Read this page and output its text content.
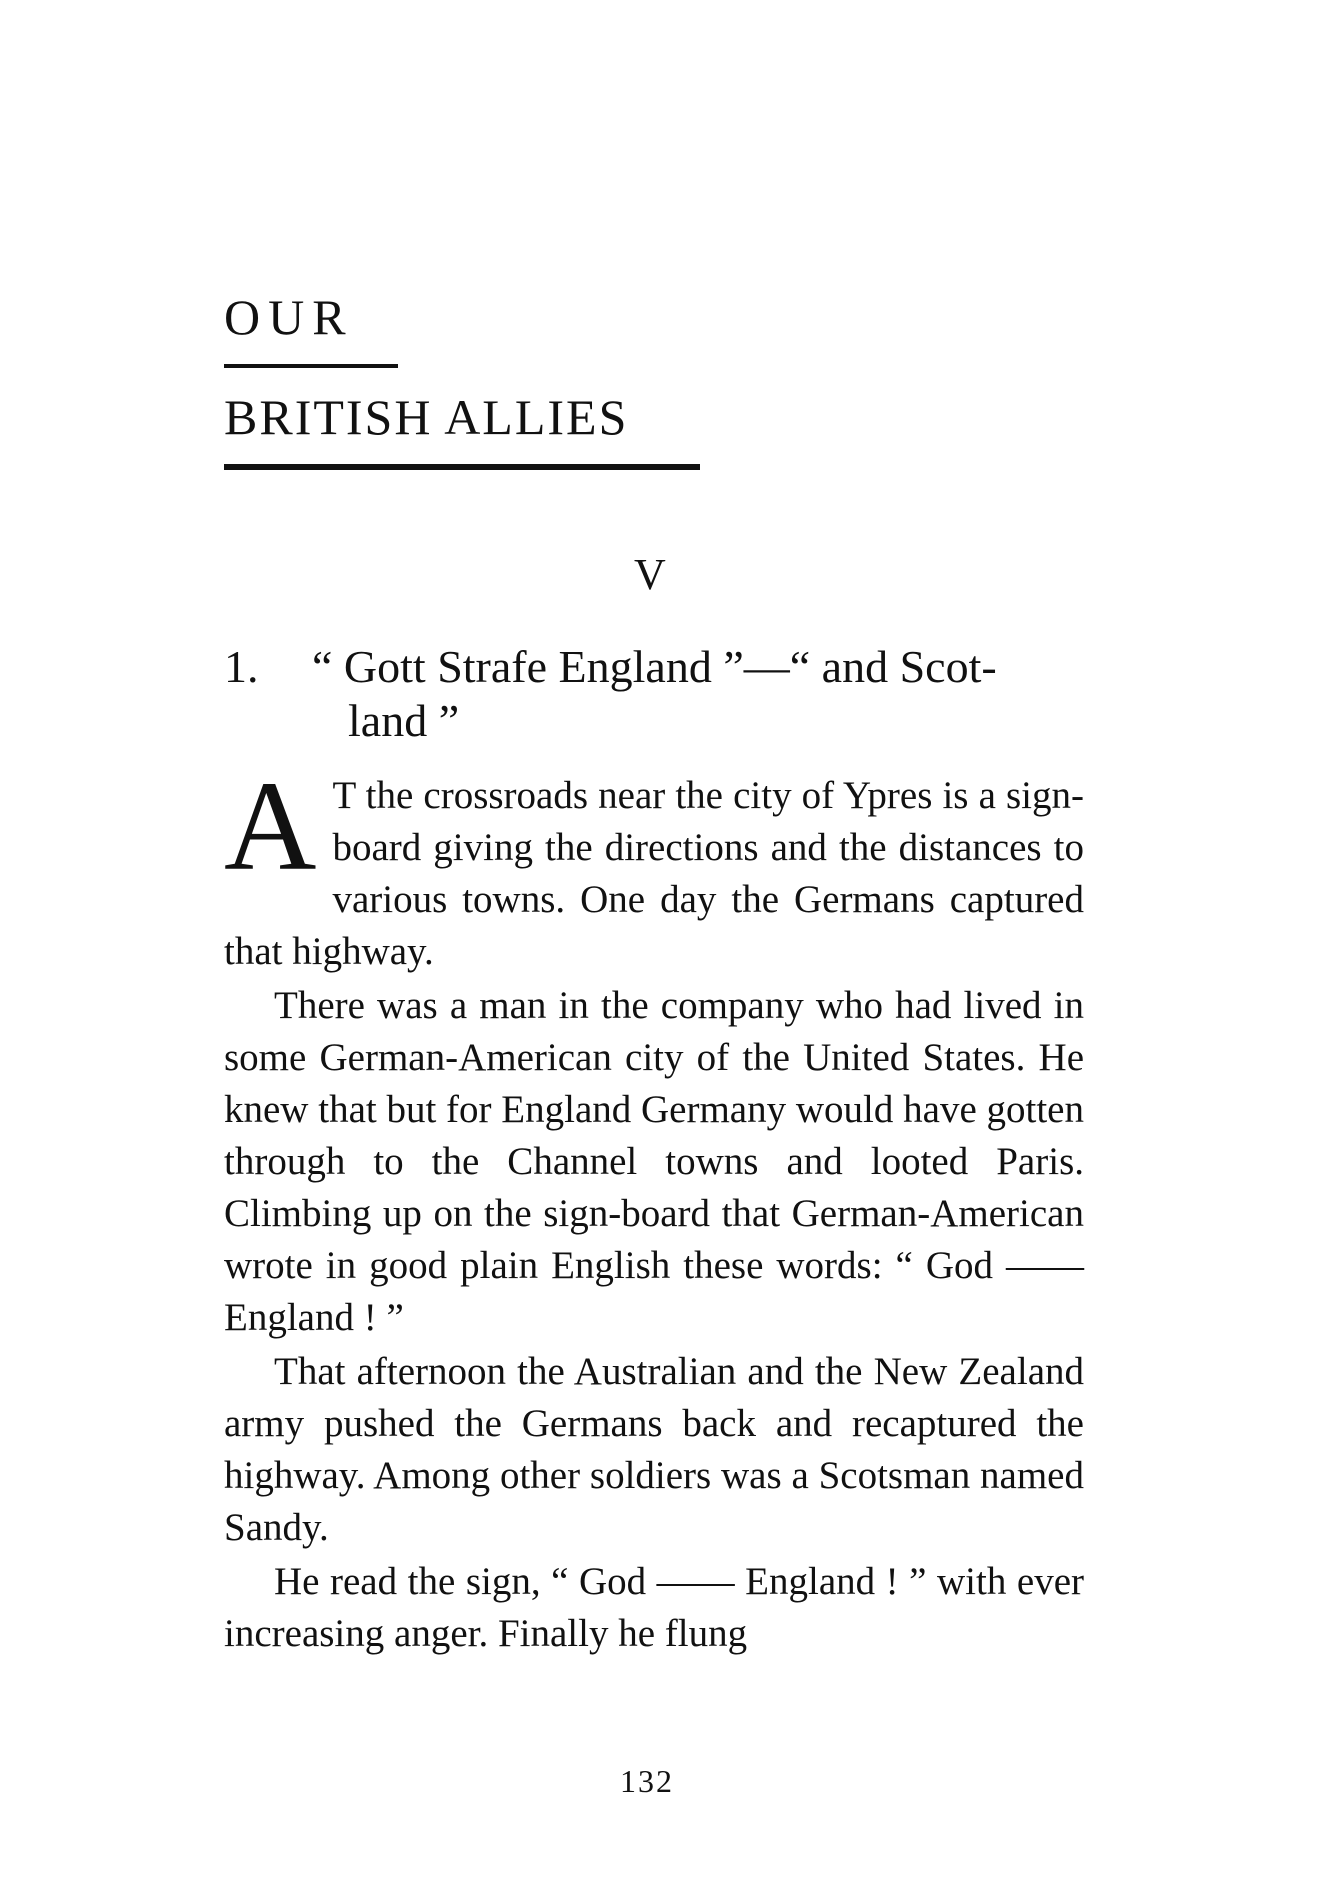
OUR
BRITISH ALLIES
V
1. “ Gott Strafe England ”—“ and Scot-
land ”

A T the crossroads near the city of Ypres is a sign-board giving the directions and the distances to various towns. One day the Germans captured that highway.

There was a man in the company who had lived in some German-American city of the United States. He knew that but for England Germany would have gotten through to the Channel towns and looted Paris. Climbing up on the sign-board that German-American wrote in good plain English these words: “ God —— England ! ”

That afternoon the Australian and the New Zealand army pushed the Germans back and recaptured the highway. Among other soldiers was a Scotsman named Sandy.

He read the sign, “ God —— England ! ” with ever increasing anger. Finally he flung

132
